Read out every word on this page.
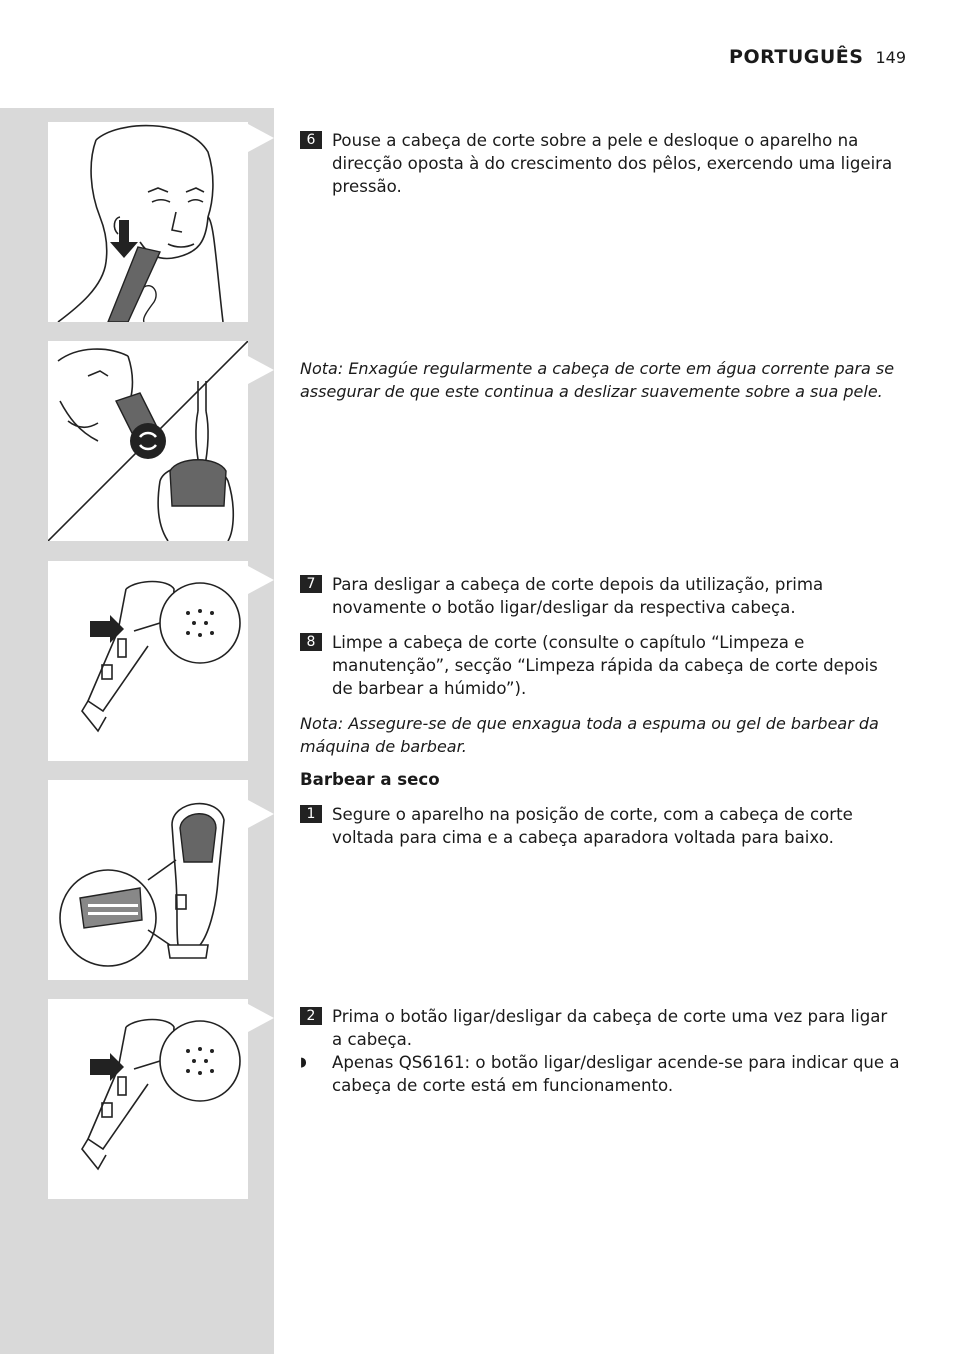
PORTUGUÊS 149
6 Pouse a cabeça de corte sobre a pele e desloque o aparelho na direcção oposta à do crescimento dos pêlos, exercendo uma ligeira pressão.
Nota: Enxagúe regularmente a cabeça de corte em água corrente para se assegurar de que este continua a deslizar suavemente sobre a sua pele.
7 Para desligar a cabeça de corte depois da utilização, prima novamente o botão ligar/desligar da respectiva cabeça.
8 Limpe a cabeça de corte (consulte o capítulo “Limpeza e manutenção”, secção “Limpeza rápida da cabeça de corte depois de barbear a húmido”).
Nota: Assegure-se de que enxagua toda a espuma ou gel de barbear da máquina de barbear.
Barbear a seco
1 Segure o aparelho na posição de corte, com a cabeça de corte voltada para cima e a cabeça aparadora voltada para baixo.
2 Prima o botão ligar/desligar da cabeça de corte uma vez para ligar a cabeça.
◗	Apenas QS6161: o botão ligar/desligar acende-se para indicar que a cabeça de corte está em funcionamento.
